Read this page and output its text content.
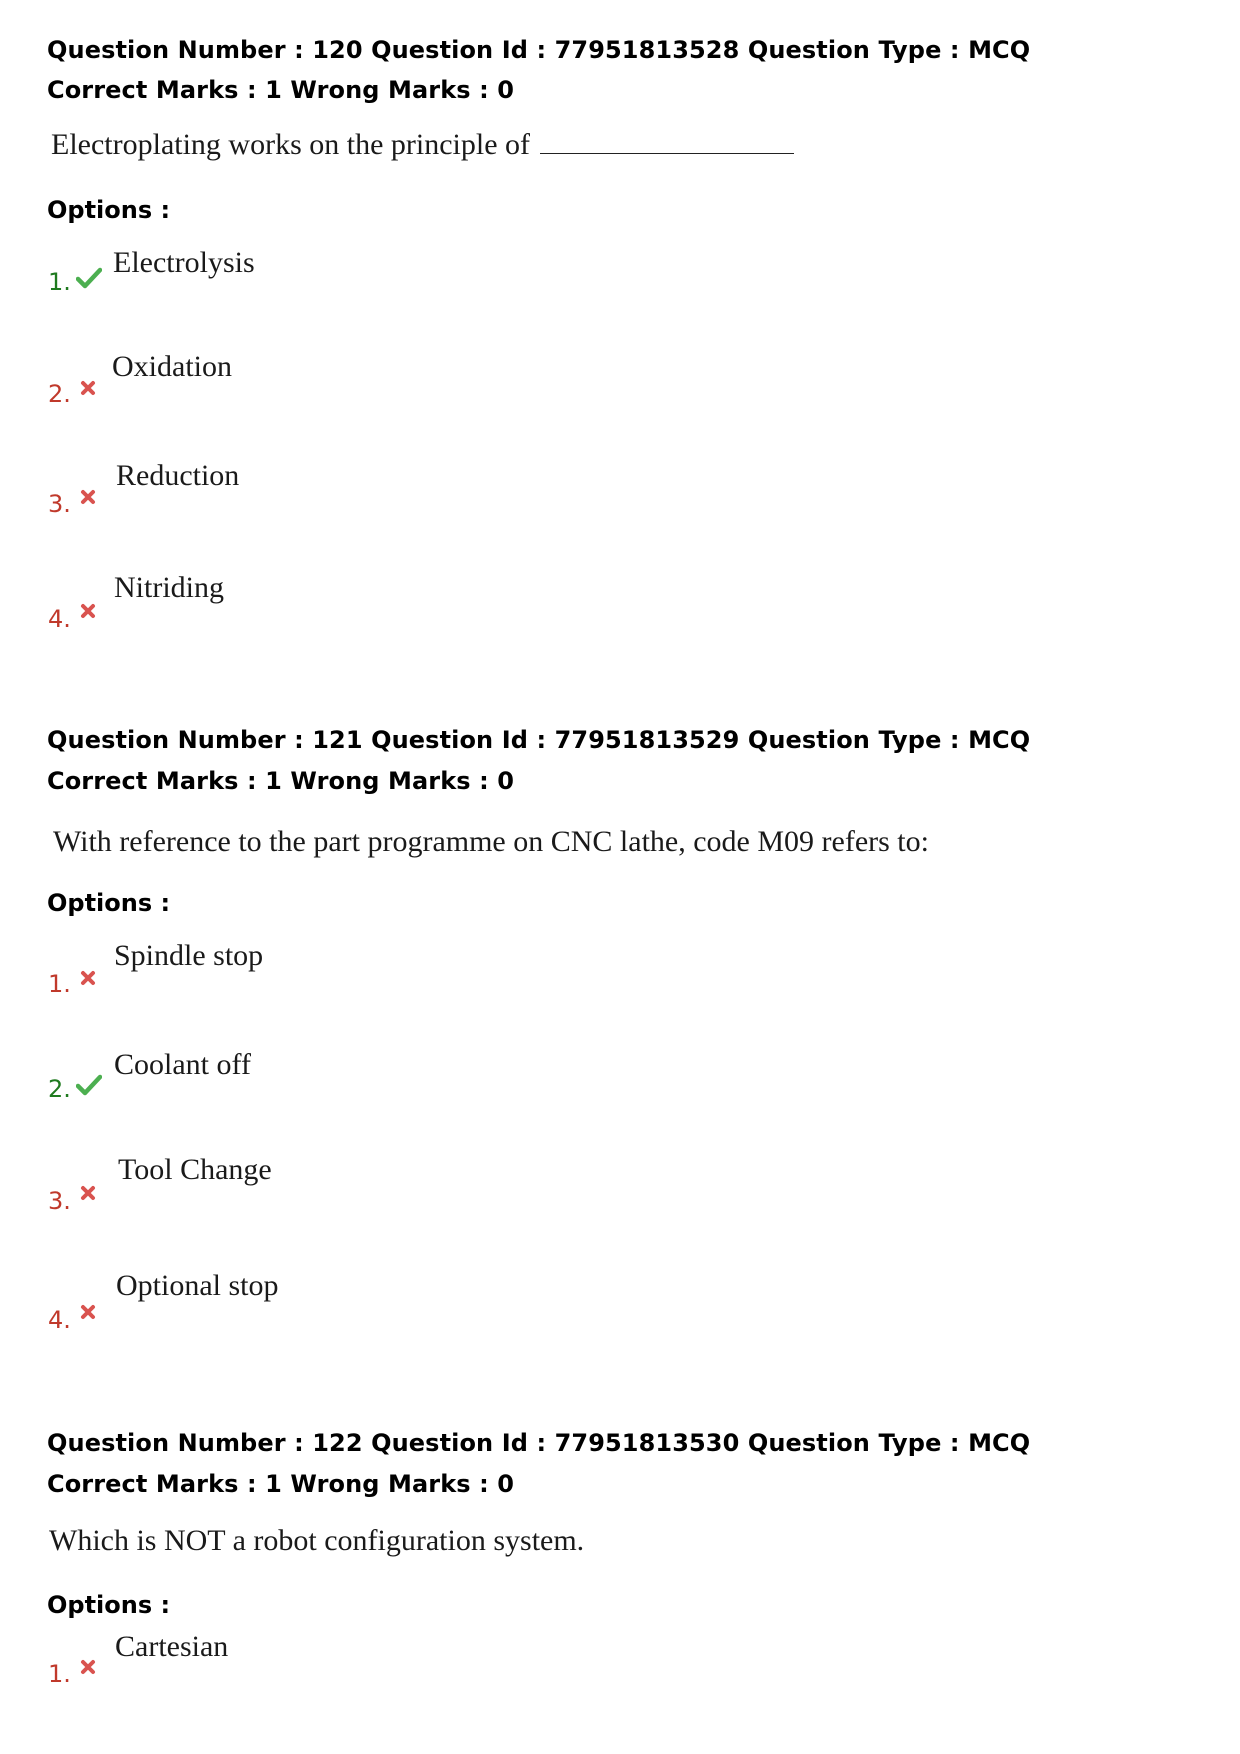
Question Number : 120 Question Id : 77951813528 Question Type : MCQ
Correct Marks : 1 Wrong Marks : 0
Electroplating works on the principle of
Options :
1.
Electrolysis
2.
Oxidation
3.
Reduction
4.
Nitriding
Question Number : 121 Question Id : 77951813529 Question Type : MCQ
Correct Marks : 1 Wrong Marks : 0
With reference to the part programme on CNC lathe, code M09 refers to:
Options :
1.
Spindle stop
2.
Coolant off
3.
Tool Change
4.
Optional stop
Question Number : 122 Question Id : 77951813530 Question Type : MCQ
Correct Marks : 1 Wrong Marks : 0
Which is NOT a robot configuration system.
Options :
1.
Cartesian
